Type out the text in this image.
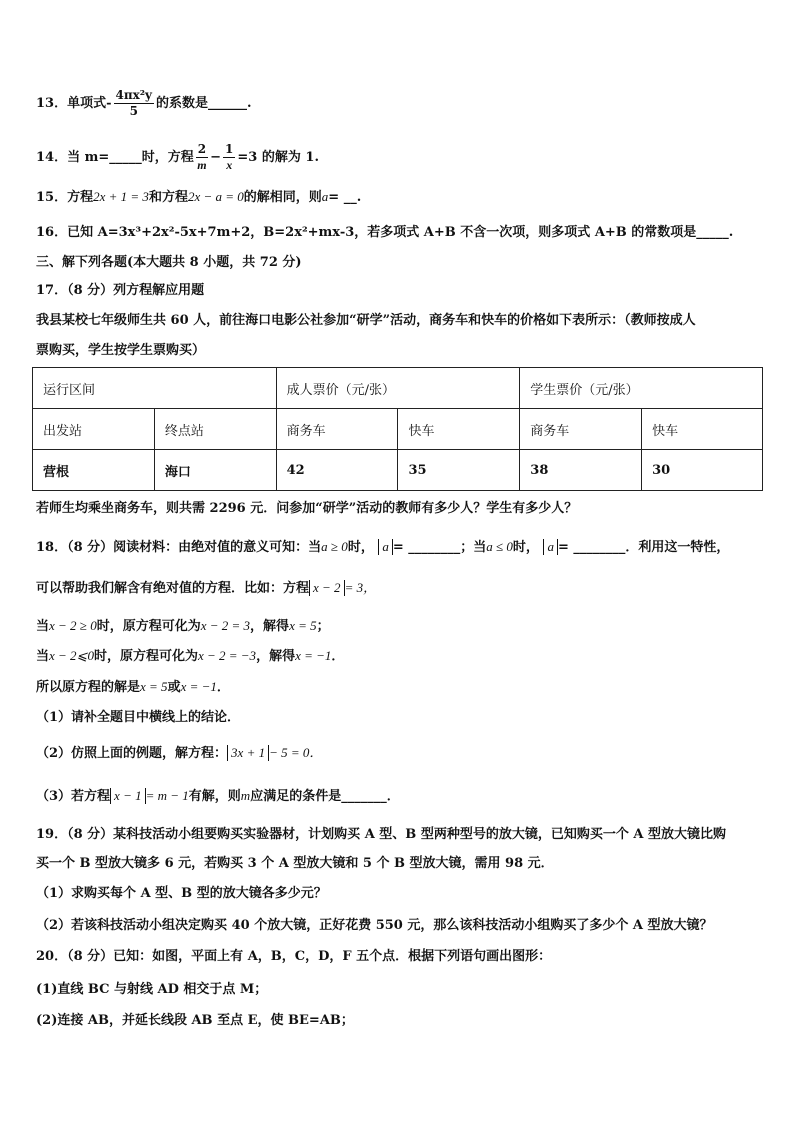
13．单项式- $\frac{\text{4πx²y}}{5}$ 的系数是______.
14．当 m=_____时，方程 $\frac{2}{m} - \frac{1}{x} =3$ 的解为 1.
15．方程2x + 1 = 3和方程2x − a = 0的解相同，则a= __.
16．已知 A=3x³+2x²-5x+7m+2，B=2x²+mx-3，若多项式 A+B 不含一次项，则多项式 A+B 的常数项是_____.
三、解下列各题(本大题共 8 小题，共 72 分)
17．（8 分）列方程解应用题
我县某校七年级师生共 60 人，前往海口电影公社参加“研学”活动，商务车和快车的价格如下表所示：（教师按成人
票购买，学生按学生票购买）
运行区间		成人票价（元/张）		学生票价（元/张）	
出发站	终点站	商务车	快车	商务车	快车
营根	海口	42	35	38	30
若师生均乘坐商务车，则共需 2296 元．问参加“研学”活动的教师有多少人？学生有多少人？
18．（8 分）阅读材料：由绝对值的意义可知：当a ≥ 0时， a = ________；当a ≤ 0时， a = ________．利用这一特性，
可以帮助我们解含有绝对值的方程．比如：方程 x − 2 = 3，
当x − 2 ≥ 0时，原方程可化为x − 2 = 3，解得x = 5；
当x − 2⩽0时，原方程可化为x − 2 = −3，解得x = −1．
所以原方程的解是x = 5或x = −1．
（1）请补全题目中横线上的结论．
（2）仿照上面的例题，解方程： 3x + 1 − 5 = 0．
（3）若方程 x − 1 = m − 1有解，则m应满足的条件是_______．
19．（8 分）某科技活动小组要购买实验器材，计划购买 A 型、B 型两种型号的放大镜，已知购买一个 A 型放大镜比购
买一个 B 型放大镜多 6 元，若购买 3 个 A 型放大镜和 5 个 B 型放大镜，需用 98 元．
（1）求购买每个 A 型、B 型的放大镜各多少元？
（2）若该科技活动小组决定购买 40 个放大镜，正好花费 550 元，那么该科技活动小组购买了多少个 A 型放大镜？
20．（8 分）已知：如图，平面上有 A，B，C，D，F 五个点．根据下列语句画出图形：
(1)直线 BC 与射线 AD 相交于点 M；
(2)连接 AB，并延长线段 AB 至点 E，使 BE=AB；
